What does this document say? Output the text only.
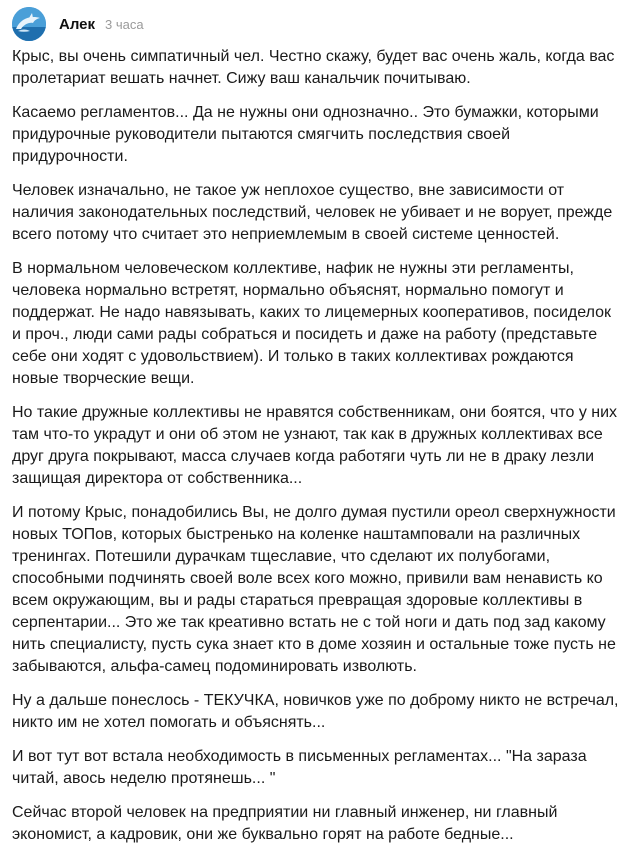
Алек 3 часа

Крыс, вы очень симпатичный чел. Честно скажу, будет вас очень жаль, когда вас пролетариат вешать начнет. Сижу ваш канальчик почитываю.

Касаемо регламентов... Да не нужны они однозначно.. Это бумажки, которыми придурочные руководители пытаются смягчить последствия своей придурочности.

Человек изначально, не такое уж неплохое существо, вне зависимости от наличия законодательных последствий, человек не убивает и не ворует, прежде всего потому что считает это неприемлемым в своей системе ценностей.

В нормальном человеческом коллективе, нафик не нужны эти регламенты, человека нормально встретят, нормально объяснят, нормально помогут и поддержат. Не надо навязывать, каких то лицемерных кооперативов, посиделок и проч., люди сами рады собраться и посидеть и даже на работу (представьте себе они ходят с удовольствием). И только в таких коллективах рождаются новые творческие вещи.

Но такие дружные коллективы не нравятся собственникам, они боятся, что у них там что-то украдут и они об этом не узнают, так как в дружных коллективах все друг друга покрывают, масса случаев когда работяги чуть ли не в драку лезли защищая директора от собственника...

И потому Крыс, понадобились Вы, не долго думая пустили ореол сверхнужности новых ТОПов, которых быстренько на коленке наштамповали на различных тренингах. Потешили дурачкам тщеславие, что сделают их полубогами, способными подчинять своей воле всех кого можно, привили вам ненависть ко всем окружающим, вы и рады стараться превращая здоровые коллективы в серпентарии... Это же так креативно встать не с той ноги и дать под зад какому нить специалисту, пусть сука знает кто в доме хозяин и остальные тоже пусть не забываются, альфа-самец подоминировать изволють.

Ну а дальше понеслось - ТЕКУЧКА, новичков уже по доброму никто не встречал, никто им не хотел помогать и объяснять...

И вот тут вот встала необходимость в письменных регламентах... "На зараза читай, авось неделю протянешь... "

Сейчас второй человек на предприятии ни главный инженер, ни главный экономист, а кадровик, они же буквально горят на работе бедные...
